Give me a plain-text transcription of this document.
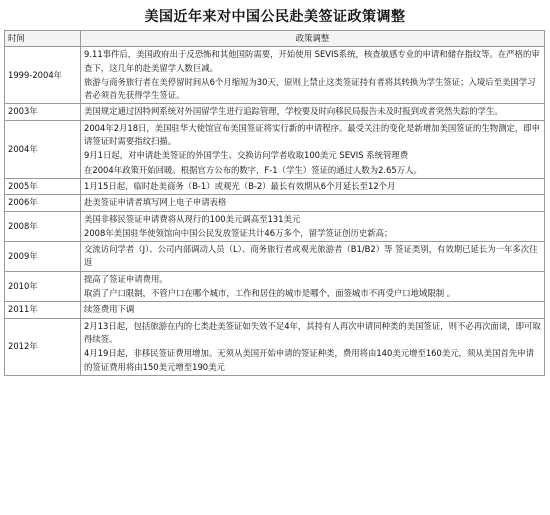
美国近年来对中国公民赴美签证政策调整
时间	政策调整
1999-2004年	9.11事件后，美国政府出于反恐怖和其他国防需要，开始使用 SEVIS系统，核查敏感专业的申请和储存指纹等。在严格的审查下，这几年的赴美留学人数巨减。
旅游与商务旅行者在美停留时间从6个月缩短为30天，原则上禁止这类签证持有者将其转换为学生签证；入境后至美国学习者必须首先获得学生签证。

2003年	美国规定通过因特网系统对外国留学生进行追踪管理，学校要及时向移民局报告未及时报到或者突然失踪的学生。

2004年	2004年2月18日，美国驻华大使馆宣布美国签证将实行新的申请程序。最受关注的变化是新增加美国签证的生物测定，即申请签证时需要指纹扫描。
9月1日起，对申请赴美签证的外国学生、交换访问学者收取100美元 SEVIS 系统管理费
在2004年政策开始回暖。根据官方公布的数字，F-1（学生）签证的通过人数为2.65万人。

2005年	1月15日起，临时赴美商务（B-1）或观光（B-2）最长有效期从6个月延长至12个月

2006年	赴美签证申请者填写网上电子申请表格

2008年	美国非移民签证申请费将从现行的100美元调高至131美元
2008年美国驻华使领馆向中国公民发放签证共计46万多个，留学签证创历史新高；

2009年	交流访问学者（J）、公司内部调动人员（L）、商务旅行者或观光旅游者（B1/B2）等 签证类别，有效期已延长为一年多次往返

2010年	提高了签证申请费用。
取消了户口限制，不管户口在哪个城市，工作和居住的城市是哪个，面签城市不再受户口地域限制 。

2011年	续签费用下调

2012年	2月13日起，包括旅游在内的七类赴美签证如失效不足4年，其持有人再次申请同种类的美国签证，则不必再次面谈，即可取得续签。
4月19日起，非移民签证费用增加。无须从美国开始申请的签证种类，费用将由140美元增至160美元，须从美国首先申请的签证费用将由150美元增至190美元
